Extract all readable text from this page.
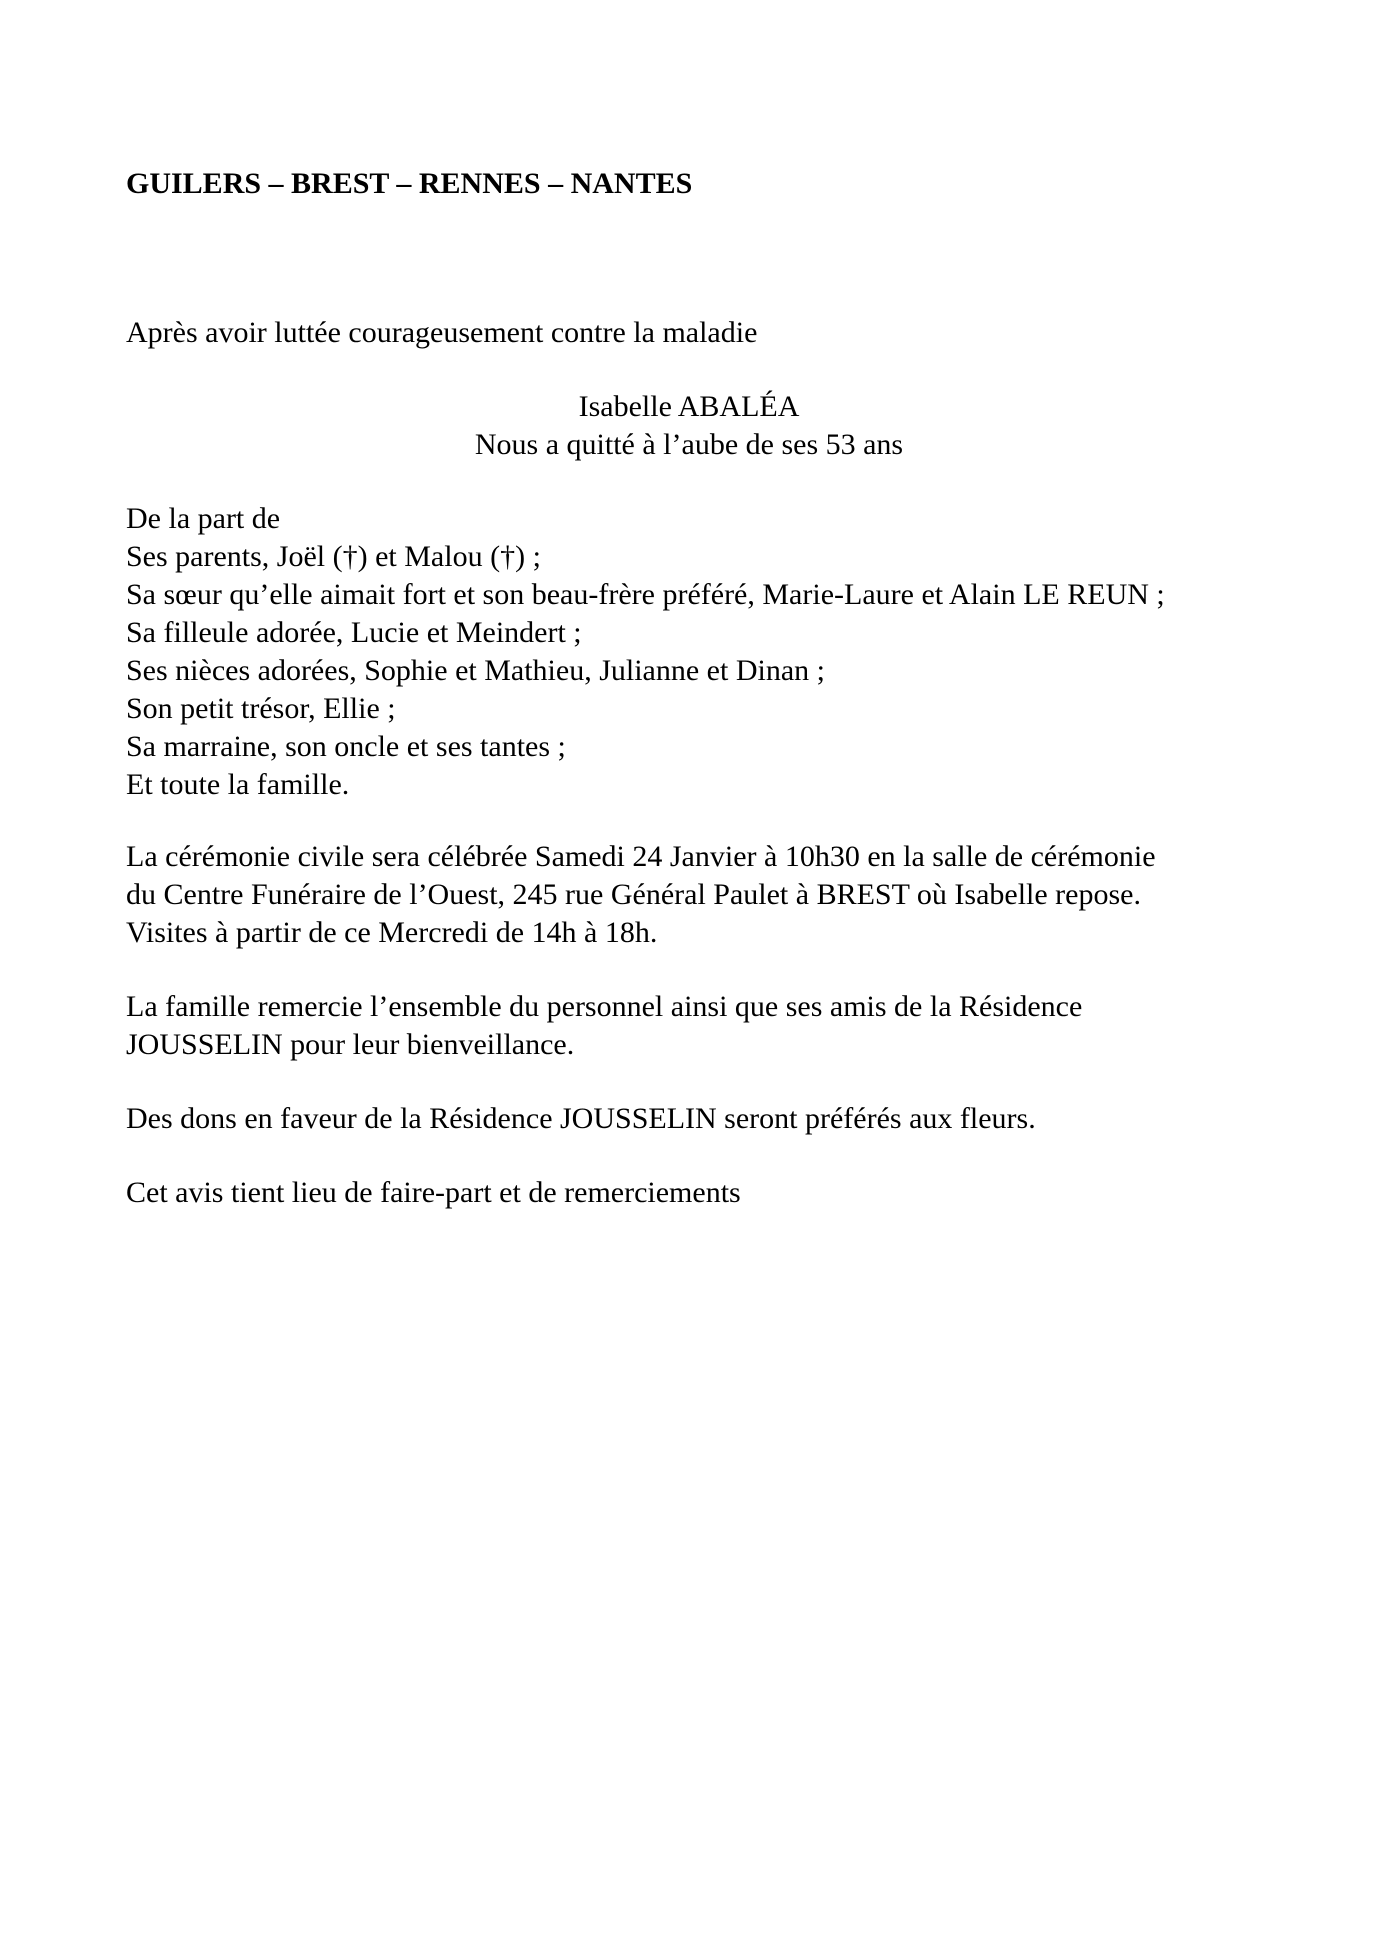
GUILERS – BREST – RENNES – NANTES
Après avoir luttée courageusement contre la maladie
Isabelle ABALÉA
Nous a quitté à l’aube de ses 53 ans
De la part de
Ses parents, Joël (†) et Malou (†) ;
Sa sœur qu’elle aimait fort et son beau-frère préféré, Marie-Laure et Alain LE REUN ;
Sa filleule adorée, Lucie et Meindert ;
Ses nièces adorées, Sophie et Mathieu, Julianne et Dinan ;
Son petit trésor, Ellie ;
Sa marraine, son oncle et ses tantes ;
Et toute la famille.
La cérémonie civile sera célébrée Samedi 24 Janvier à 10h30 en la salle de cérémonie
du Centre Funéraire de l’Ouest, 245 rue Général Paulet à BREST où Isabelle repose.
Visites à partir de ce Mercredi de 14h à 18h.
La famille remercie l’ensemble du personnel ainsi que ses amis de la Résidence
JOUSSELIN pour leur bienveillance.
Des dons en faveur de la Résidence JOUSSELIN seront préférés aux fleurs.
Cet avis tient lieu de faire-part et de remerciements
